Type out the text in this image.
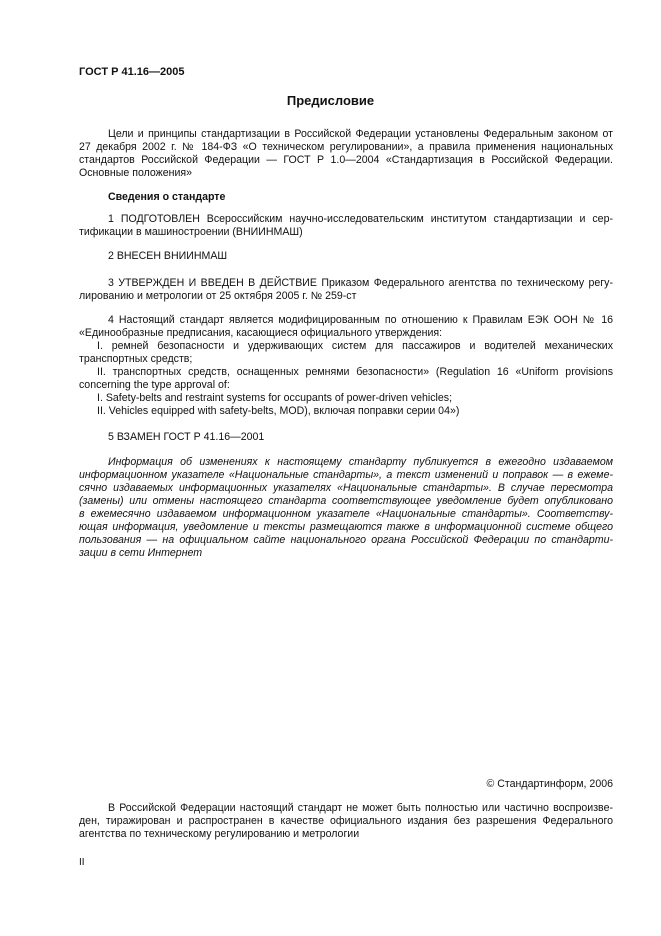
ГОСТ Р 41.16—2005
Предисловие
Цели и принципы стандартизации в Российской Федерации установлены Федеральным законом от
27 декабря 2002 г. № 184-ФЗ «О техническом регулировании», а правила применения национальных
стандартов Российской Федерации — ГОСТ Р 1.0—2004 «Стандартизация в Российской Федерации.
Основные положения»
Сведения о стандарте
1 ПОДГОТОВЛЕН Всероссийским научно-исследовательским институтом стандартизации и сер-
тификации в машиностроении (ВНИИНМАШ)
2 ВНЕСЕН ВНИИНМАШ
3 УТВЕРЖДЕН И ВВЕДЕН В ДЕЙСТВИЕ Приказом Федерального агентства по техническому регу-
лированию и метрологии от 25 октября 2005 г. № 259-ст
4 Настоящий стандарт является модифицированным по отношению к Правилам ЕЭК ООН № 16
«Единообразные предписания, касающиеся официального утверждения:
I. ремней безопасности и удерживающих систем для пассажиров и водителей механических
транспортных средств;
II. транспортных средств, оснащенных ремнями безопасности» (Regulation 16 «Uniform provisions
concerning the type approval of:
I. Safety-belts and restraint systems for occupants of power-driven vehicles;
II. Vehicles equipped with safety-belts, MOD), включая поправки серии 04»)
5 ВЗАМЕН ГОСТ Р 41.16—2001
Информация об изменениях к настоящему стандарту публикуется в ежегодно издаваемом
информационном указателе «Национальные стандарты», а текст изменений и поправок — в ежеме-
сячно издаваемых информационных указателях «Национальные стандарты». В случае пересмотра
(замены) или отмены настоящего стандарта соответствующее уведомление будет опубликовано
в ежемесячно издаваемом информационном указателе «Национальные стандарты». Соответству-
ющая информация, уведомление и тексты размещаются также в информационной системе общего
пользования — на официальном сайте национального органа Российской Федерации по стандарти-
зации в сети Интернет
© Стандартинформ, 2006
В Российской Федерации настоящий стандарт не может быть полностью или частично воспроизве-
ден, тиражирован и распространен в качестве официального издания без разрешения Федерального
агентства по техническому регулированию и метрологии
II
